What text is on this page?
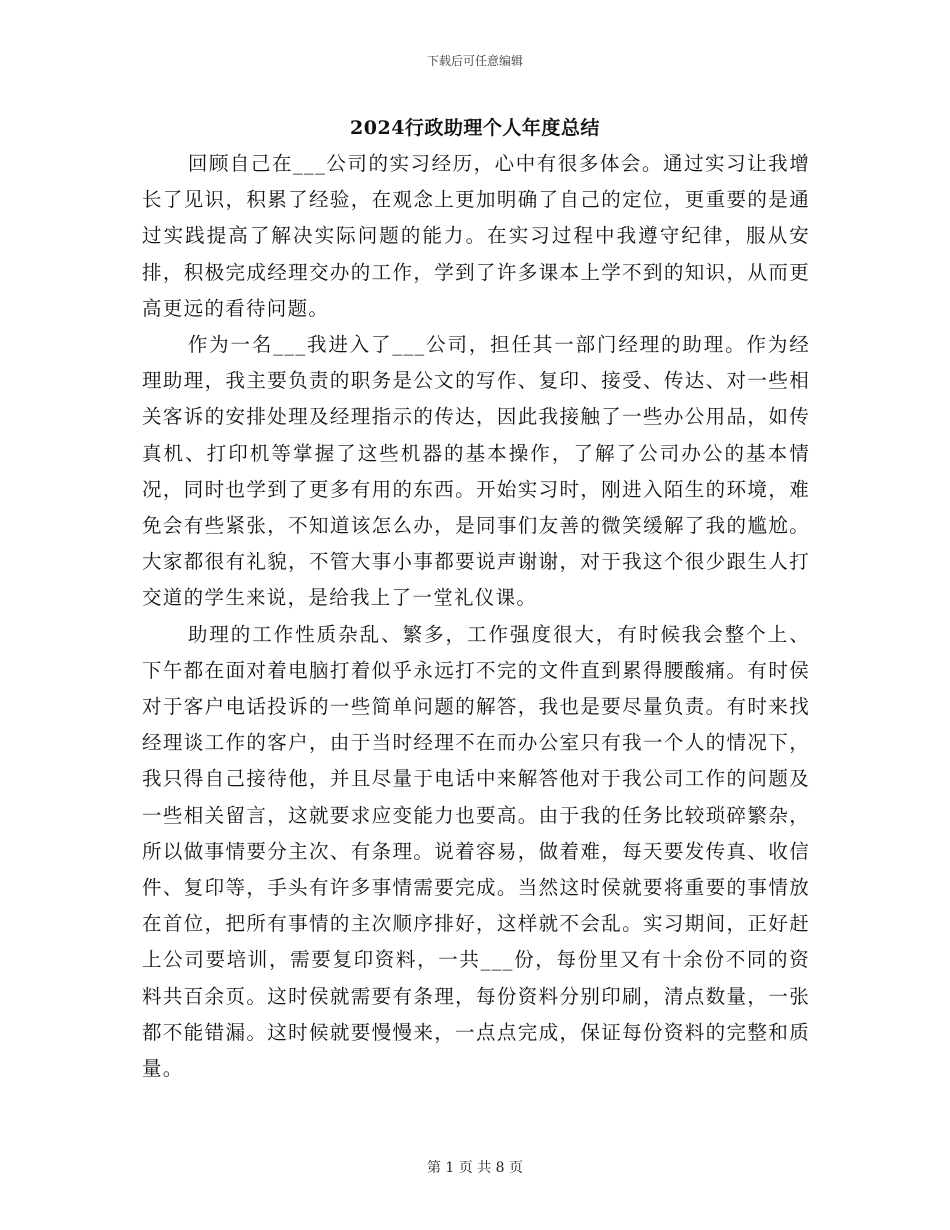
下载后可任意编辑
2024行政助理个人年度总结

回顾自己在___公司的实习经历，心中有很多体会。通过实习让我增长了见识，积累了经验，在观念上更加明确了自己的定位，更重要的是通过实践提高了解决实际问题的能力。在实习过程中我遵守纪律，服从安排，积极完成经理交办的工作，学到了许多课本上学不到的知识，从而更高更远的看待问题。

作为一名___我进入了___公司，担任其一部门经理的助理。作为经理助理，我主要负责的职务是公文的写作、复印、接受、传达、对一些相关客诉的安排处理及经理指示的传达，因此我接触了一些办公用品，如传真机、打印机等掌握了这些机器的基本操作，了解了公司办公的基本情况，同时也学到了更多有用的东西。开始实习时，刚进入陌生的环境，难免会有些紧张，不知道该怎么办，是同事们友善的微笑缓解了我的尴尬。大家都很有礼貌，不管大事小事都要说声谢谢，对于我这个很少跟生人打交道的学生来说，是给我上了一堂礼仪课。

助理的工作性质杂乱、繁多，工作强度很大，有时候我会整个上、下午都在面对着电脑打着似乎永远打不完的文件直到累得腰酸痛。有时侯对于客户电话投诉的一些简单问题的解答，我也是要尽量负责。有时来找经理谈工作的客户，由于当时经理不在而办公室只有我一个人的情况下，我只得自己接待他，并且尽量于电话中来解答他对于我公司工作的问题及一些相关留言，这就要求应变能力也要高。由于我的任务比较琐碎繁杂，所以做事情要分主次、有条理。说着容易，做着难，每天要发传真、收信件、复印等，手头有许多事情需要完成。当然这时侯就要将重要的事情放在首位，把所有事情的主次顺序排好，这样就不会乱。实习期间，正好赶上公司要培训，需要复印资料，一共___份，每份里又有十余份不同的资料共百余页。这时侯就需要有条理，每份资料分别印刷，清点数量，一张都不能错漏。这时候就要慢慢来，一点点完成，保证每份资料的完整和质量。

第 1 页 共 8 页
